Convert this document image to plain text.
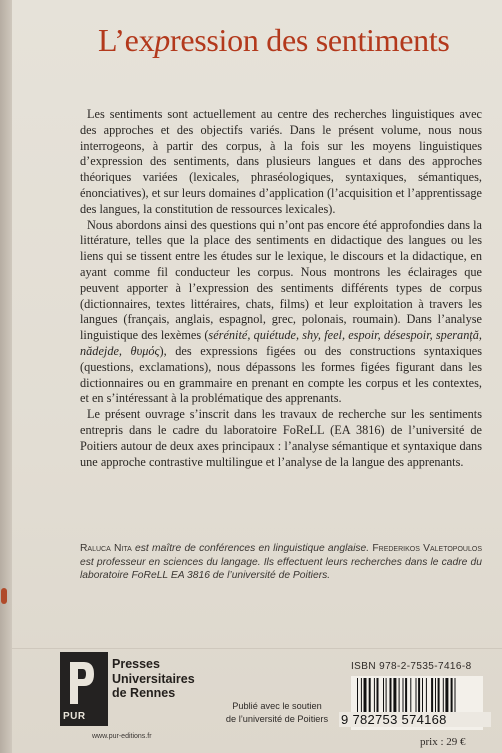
L’expression des sentiments

Les sentiments sont actuellement au centre des recherches linguistiques avec des approches et des objectifs variés. Dans le présent volume, nous nous interrogeons, à partir des corpus, à la fois sur les moyens linguistiques d’expression des sentiments, dans plusieurs langues et dans des approches théoriques variées (lexicales, phraséologiques, syntaxiques, sémantiques, énonciatives), et sur leurs domaines d’application (l’acquisition et l’apprentissage des langues, la constitution de ressources lexicales).

Nous abordons ainsi des questions qui n’ont pas encore été approfondies dans la littérature, telles que la place des sentiments en didactique des langues ou les liens qui se tissent entre les études sur le lexique, le discours et la didactique, en ayant comme fil conducteur les corpus. Nous montrons les éclairages que peuvent apporter à l’expression des sentiments différents types de corpus (dictionnaires, textes littéraires, chats, films) et leur exploitation à travers les langues (français, anglais, espagnol, grec, polonais, roumain). Dans l’analyse linguistique des lexèmes (sérénité, quiétude, shy, feel, espoir, désespoir, speranță, nădejde, θυμός), des expressions figées ou des constructions syntaxiques (questions, exclamations), nous dépassons les formes figées figurant dans les dictionnaires ou en grammaire en prenant en compte les corpus et les contextes, et en s’intéressant à la problématique des apprenants.

Le présent ouvrage s’inscrit dans les travaux de recherche sur les sentiments entrepris dans le cadre du laboratoire FoReLL (EA 3816) de l’université de Poitiers autour de deux axes principaux : l’analyse sémantique et syntaxique dans une approche contrastive multilingue et l’analyse de la langue des apprenants.

Raluca Nita est maître de conférences en linguistique anglaise. Frederikos Valetopoulos est professeur en sciences du langage. Ils effectuent leurs recherches dans le cadre du laboratoire FoReLL EA 3816 de l’université de Poitiers.
PUR
Presses
Universitaires
de Rennes
www.pur-editions.fr
Publié avec le soutien
de l’université de Poitiers
ISBN 978-2-7535-7416-8
9 782753 574168
prix : 29 €
